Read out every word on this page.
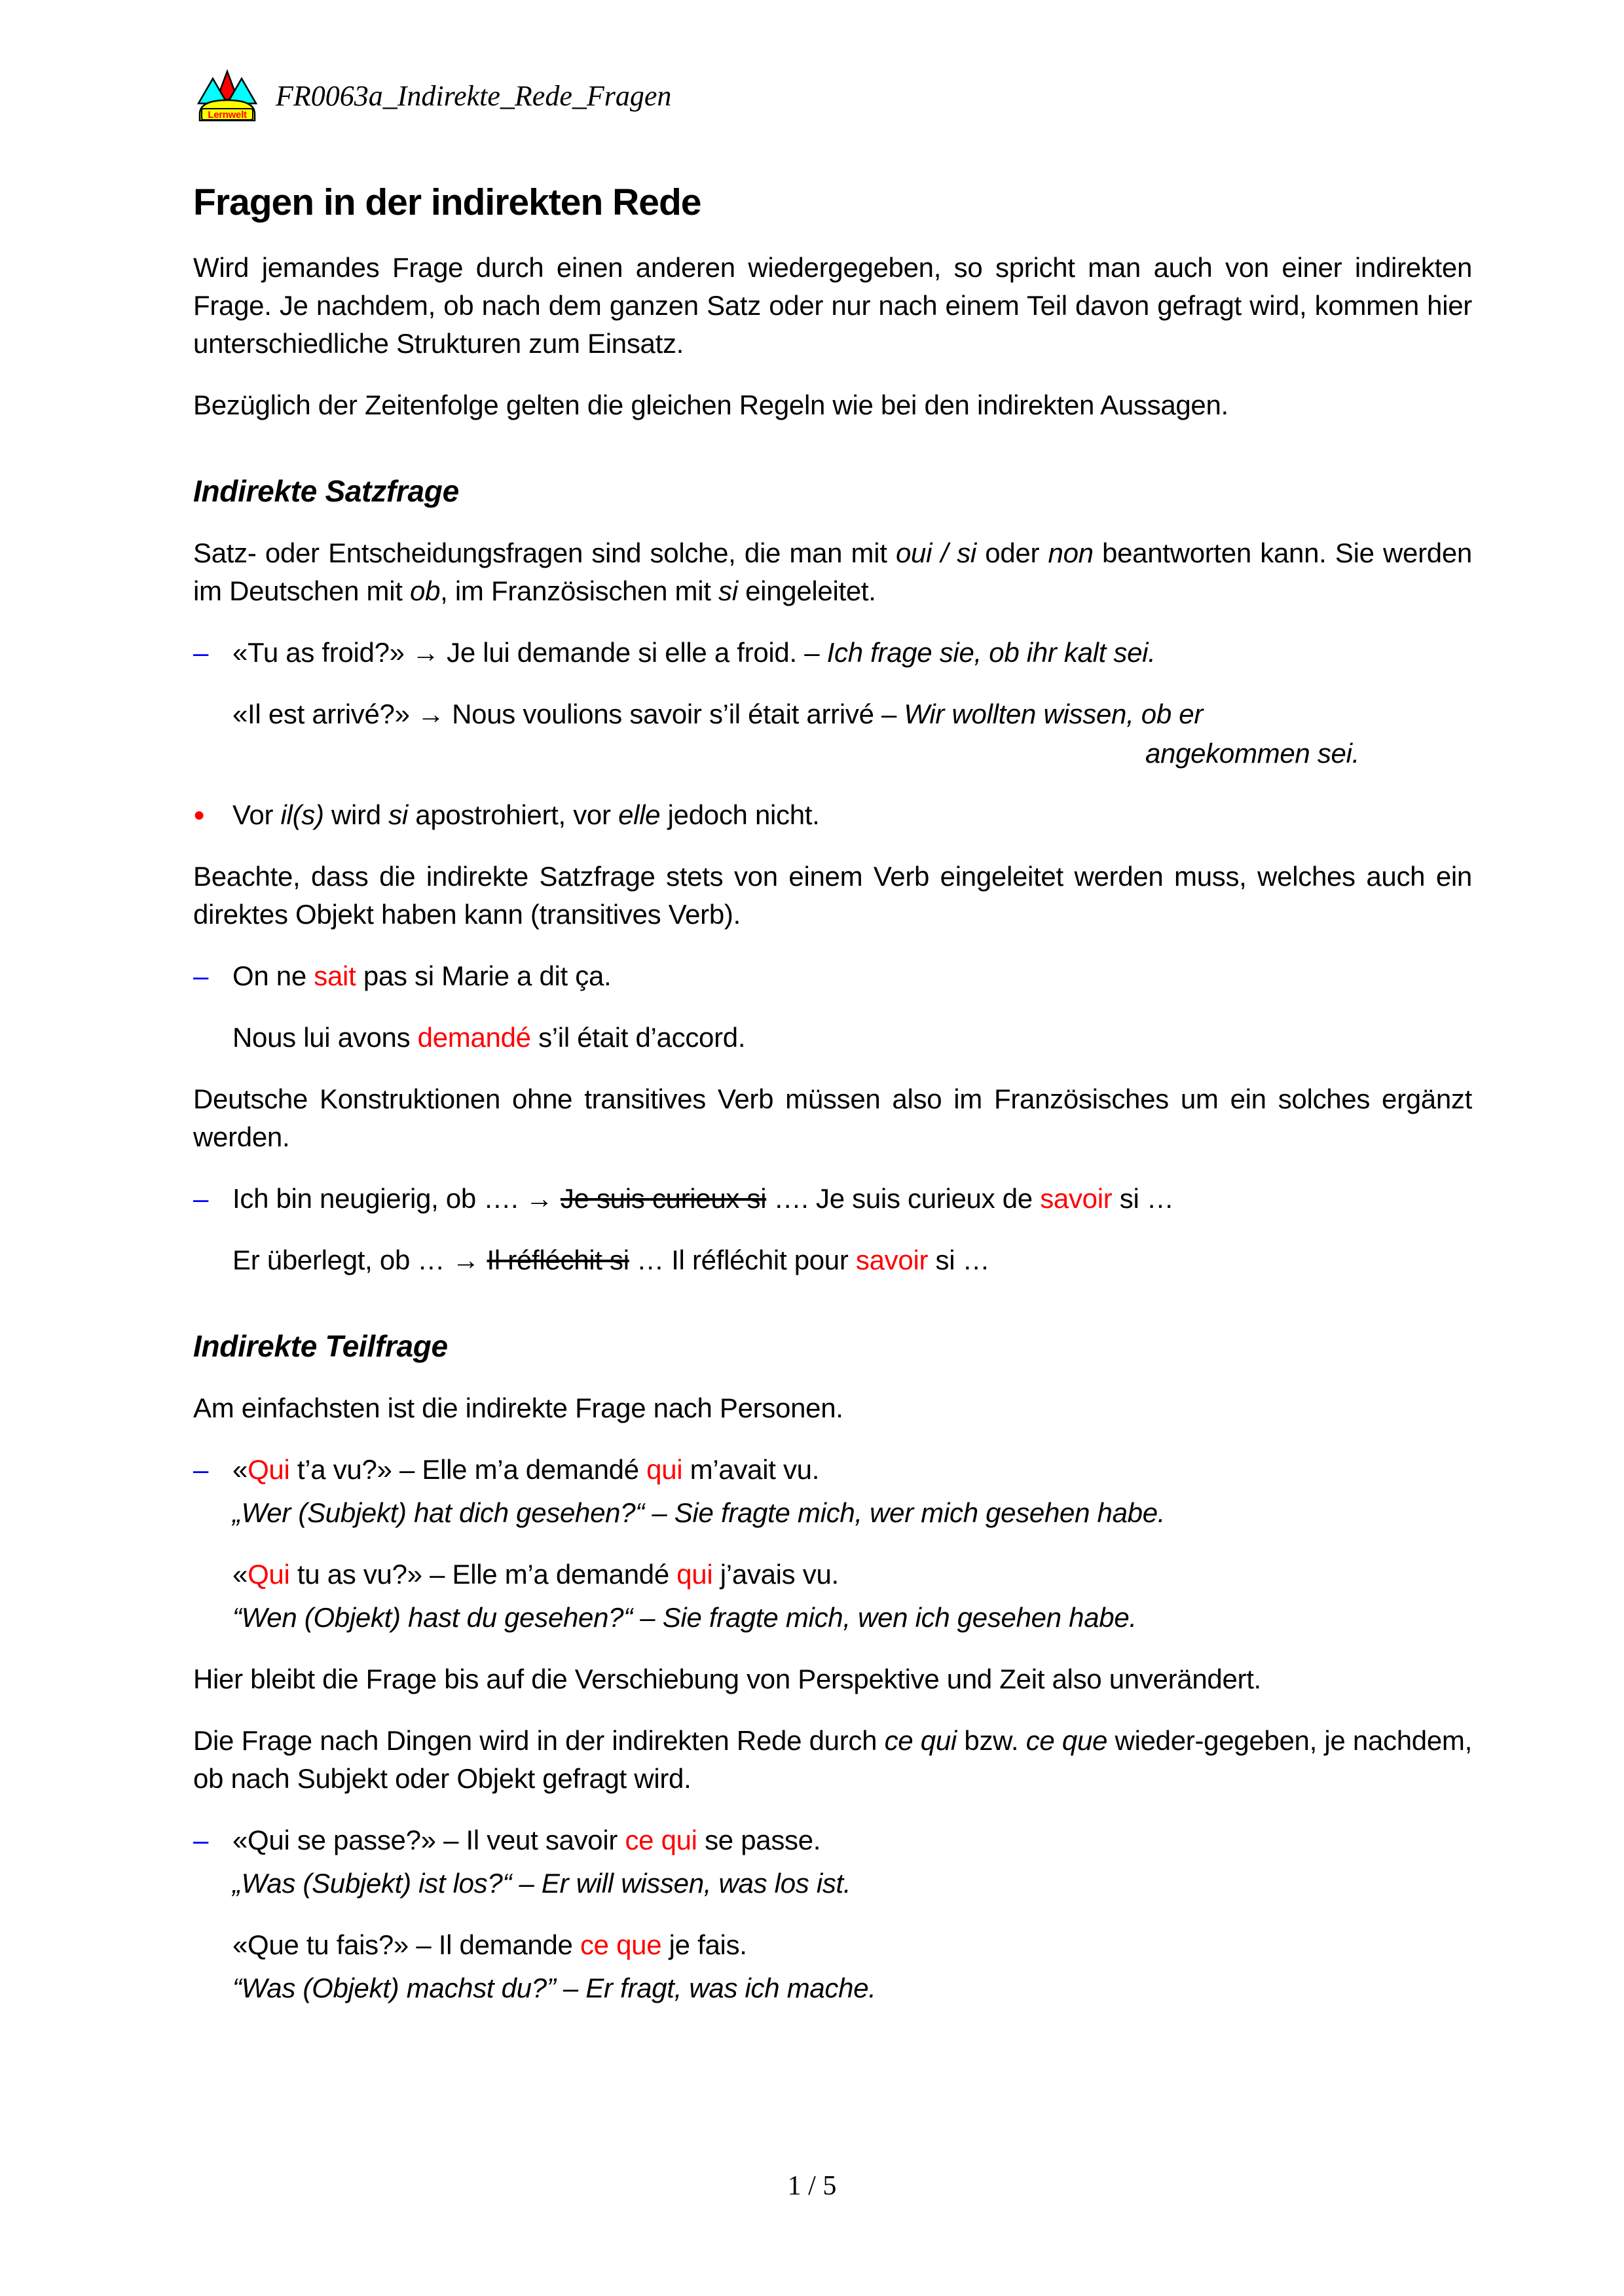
Lernwelt
FR0063a_Indirekte_Rede_Fragen
Fragen in der indirekten Rede
Wird jemandes Frage durch einen anderen wiedergegeben, so spricht man auch von einer indirekten Frage. Je nachdem, ob nach dem ganzen Satz oder nur nach einem Teil davon gefragt wird, kommen hier unterschiedliche Strukturen zum Einsatz.
Bezüglich der Zeitenfolge gelten die gleichen Regeln wie bei den indirekten Aussagen.
Indirekte Satzfrage
Satz- oder Entscheidungsfragen sind solche, die man mit oui / si oder non beantworten kann. Sie werden im Deutschen mit ob, im Französischen mit si eingeleitet.
– «Tu as froid?» → Je lui demande si elle a froid. – Ich frage sie, ob ihr kalt sei.
«Il est arrivé?» → Nous voulions savoir s’il était arrivé – Wir wollten wissen, ob er
angekommen sei.
●	Vor il(s) wird si apostrohiert, vor elle jedoch nicht.
Beachte, dass die indirekte Satzfrage stets von einem Verb eingeleitet werden muss, welches auch ein direktes Objekt haben kann (transitives Verb).
– On ne sait pas si Marie a dit ça.
Nous lui avons demandé s’il était d’accord.
Deutsche Konstruktionen ohne transitives Verb müssen also im Französisches um ein solches ergänzt werden.
– Ich bin neugierig, ob …. → Je suis curieux si …. Je suis curieux de savoir si …
Er überlegt, ob … → Il réfléchit si … Il réfléchit pour savoir si …
Indirekte Teilfrage
Am einfachsten ist die indirekte Frage nach Personen.
– «Qui t’a vu?» – Elle m’a demandé qui m’avait vu.
„Wer (Subjekt) hat dich gesehen?“ – Sie fragte mich, wer mich gesehen habe.
«Qui tu as vu?» – Elle m’a demandé qui j’avais vu.
“Wen (Objekt) hast du gesehen?“ – Sie fragte mich, wen ich gesehen habe.
Hier bleibt die Frage bis auf die Verschiebung von Perspektive und Zeit also unverändert.
Die Frage nach Dingen wird in der indirekten Rede durch ce qui bzw. ce que wieder-gegeben, je nachdem, ob nach Subjekt oder Objekt gefragt wird.
– «Qui se passe?» – Il veut savoir ce qui se passe.
„Was (Subjekt) ist los?“ – Er will wissen, was los ist.
«Que tu fais?» – Il demande ce que je fais.
“Was (Objekt) machst du?” – Er fragt, was ich mache.
1 / 5
